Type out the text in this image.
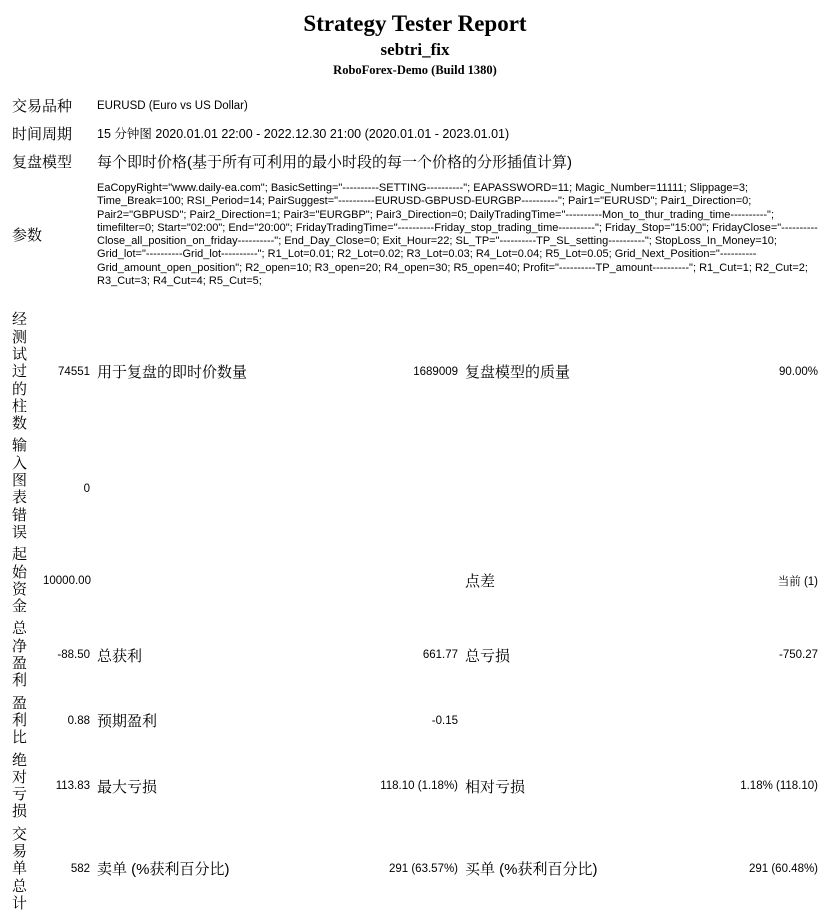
Strategy Tester Report
sebtri_fix
RoboForex-Demo (Build 1380)
交易品种		EURUSD (Euro vs US Dollar)			
时间周期		15 分钟图 2020.01.01 22:00 - 2022.12.30 21:00 (2020.01.01 - 2023.01.01)			
复盘模型		每个即时价格(基于所有可利用的最小时段的每一个价格的分形插值计算)			
参数		EaCopyRight="www.daily-ea.com"; BasicSetting="----------SETTING----------"; EAPASSWORD=11; Magic_Number=11111; Slippage=3; Time_Break=100; RSI_Period=14; PairSuggest="----------EURUSD-GBPUSD-EURGBP----------"; Pair1="EURUSD"; Pair1_Direction=0; Pair2="GBPUSD"; Pair2_Direction=1; Pair3="EURGBP"; Pair3_Direction=0; DailyTradingTime="----------Mon_to_thur_trading_time----------"; timefilter=0; Start="02:00"; End="20:00"; FridayTradingTime="----------Friday_stop_trading_time----------"; Friday_Stop="15:00"; FridayClose="----------Close_all_position_on_friday----------"; End_Day_Close=0; Exit_Hour=22; SL_TP="----------TP_SL_setting----------"; StopLoss_In_Money=10; Grid_lot="----------Grid_lot----------"; R1_Lot=0.01; R2_Lot=0.02; R3_Lot=0.03; R4_Lot=0.04; R5_Lot=0.05; Grid_Next_Position="----------Grid_amount_open_position"; R2_open=10; R3_open=20; R4_open=30; R5_open=40; Profit="----------TP_amount----------"; R1_Cut=1; R2_Cut=2; R3_Cut=3; R4_Cut=4; R5_Cut=5;			

经测试过的柱数	74551	用于复盘的即时价数量	1689009	复盘模型的质量	90.00%
输入图表错误	0				
起始资金	10000.00			点差	当前 (1)
总净盈利	-88.50	总获利	661.77	总亏损	-750.27
盈利比	0.88	预期盈利	-0.15		
绝对亏损	113.83	最大亏损	118.10 (1.18%)	相对亏损	1.18% (118.10)
交易单总计	582	卖单 (%获利百分比)	291 (63.57%)	买单 (%获利百分比)	291 (60.48%)
